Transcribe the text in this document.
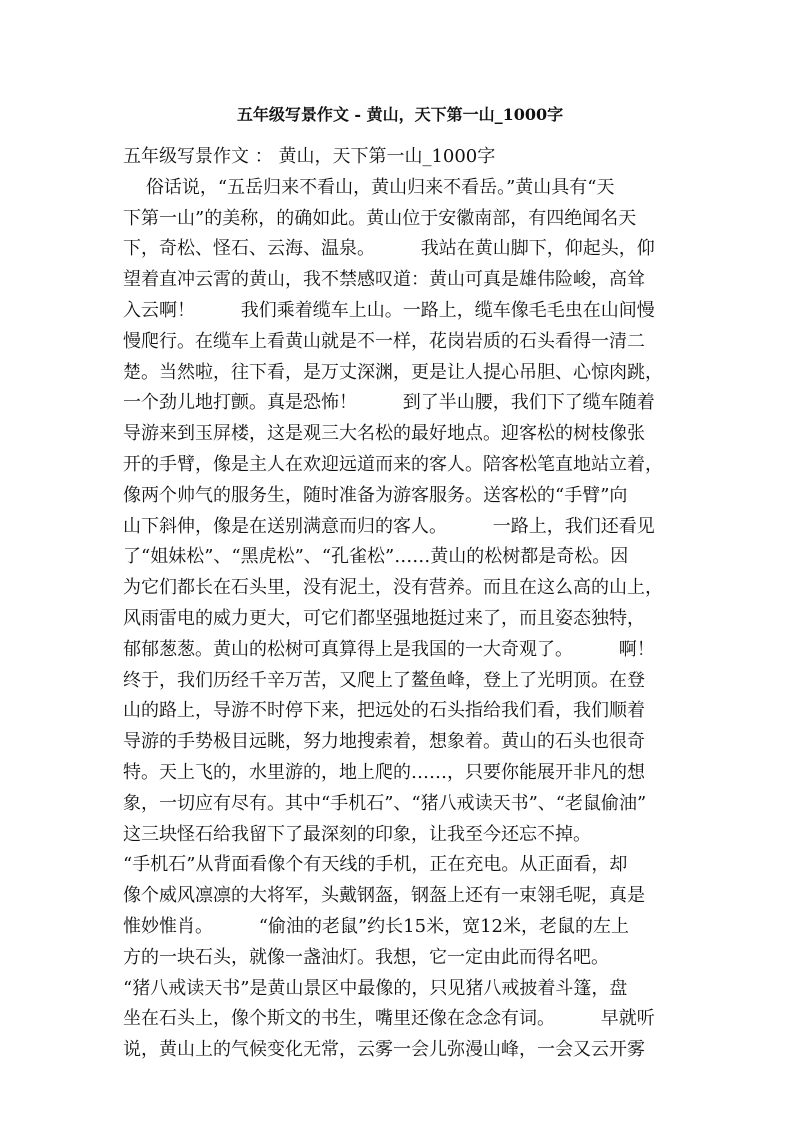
五年级写景作文 - 黄山，天下第一山_1000字
五年级写景作文 ： 黄山，天下第一山_1000字
俗话说，“五岳归来不看山，黄山归来不看岳。”黄山具有“天
下第一山”的美称，的确如此。黄山位于安徽南部，有四绝闻名天
下，奇松、怪石、云海、温泉。        我站在黄山脚下，仰起头，仰
望着直冲云霄的黄山，我不禁感叹道：黄山可真是雄伟险峻，高耸
入云啊！        我们乘着缆车上山。一路上，缆车像毛毛虫在山间慢
慢爬行。在缆车上看黄山就是不一样，花岗岩质的石头看得一清二
楚。当然啦，往下看，是万丈深渊，更是让人提心吊胆、心惊肉跳，
一个劲儿地打颤。真是恐怖！        到了半山腰，我们下了缆车随着
导游来到玉屏楼，这是观三大名松的最好地点。迎客松的树枝像张
开的手臂，像是主人在欢迎远道而来的客人。陪客松笔直地站立着，
像两个帅气的服务生，随时准备为游客服务。送客松的“手臂”向
山下斜伸，像是在送别满意而归的客人。        一路上，我们还看见
了“姐妹松”、“黑虎松”、“孔雀松”……黄山的松树都是奇松。因
为它们都长在石头里，没有泥土，没有营养。而且在这么高的山上，
风雨雷电的威力更大，可它们都坚强地挺过来了，而且姿态独特，
郁郁葱葱。黄山的松树可真算得上是我国的一大奇观了。        啊！
终于，我们历经千辛万苦，又爬上了鳌鱼峰，登上了光明顶。在登
山的路上，导游不时停下来，把远处的石头指给我们看，我们顺着
导游的手势极目远眺，努力地搜索着，想象着。黄山的石头也很奇
特。天上飞的，水里游的，地上爬的……，只要你能展开非凡的想
象，一切应有尽有。其中“手机石”、“猪八戒读天书”、“老鼠偷油”
这三块怪石给我留下了最深刻的印象，让我至今还忘不掉。
“手机石”从背面看像个有天线的手机，正在充电。从正面看，却
像个威风凛凛的大将军，头戴钢盔，钢盔上还有一束翎毛呢，真是
惟妙惟肖。        “偷油的老鼠”约长15米，宽12米，老鼠的左上
方的一块石头，就像一盏油灯。我想，它一定由此而得名吧。
“猪八戒读天书”是黄山景区中最像的，只见猪八戒披着斗篷，盘
坐在石头上，像个斯文的书生，嘴里还像在念念有词。        早就听
说，黄山上的气候变化无常，云雾一会儿弥漫山峰，一会又云开雾
